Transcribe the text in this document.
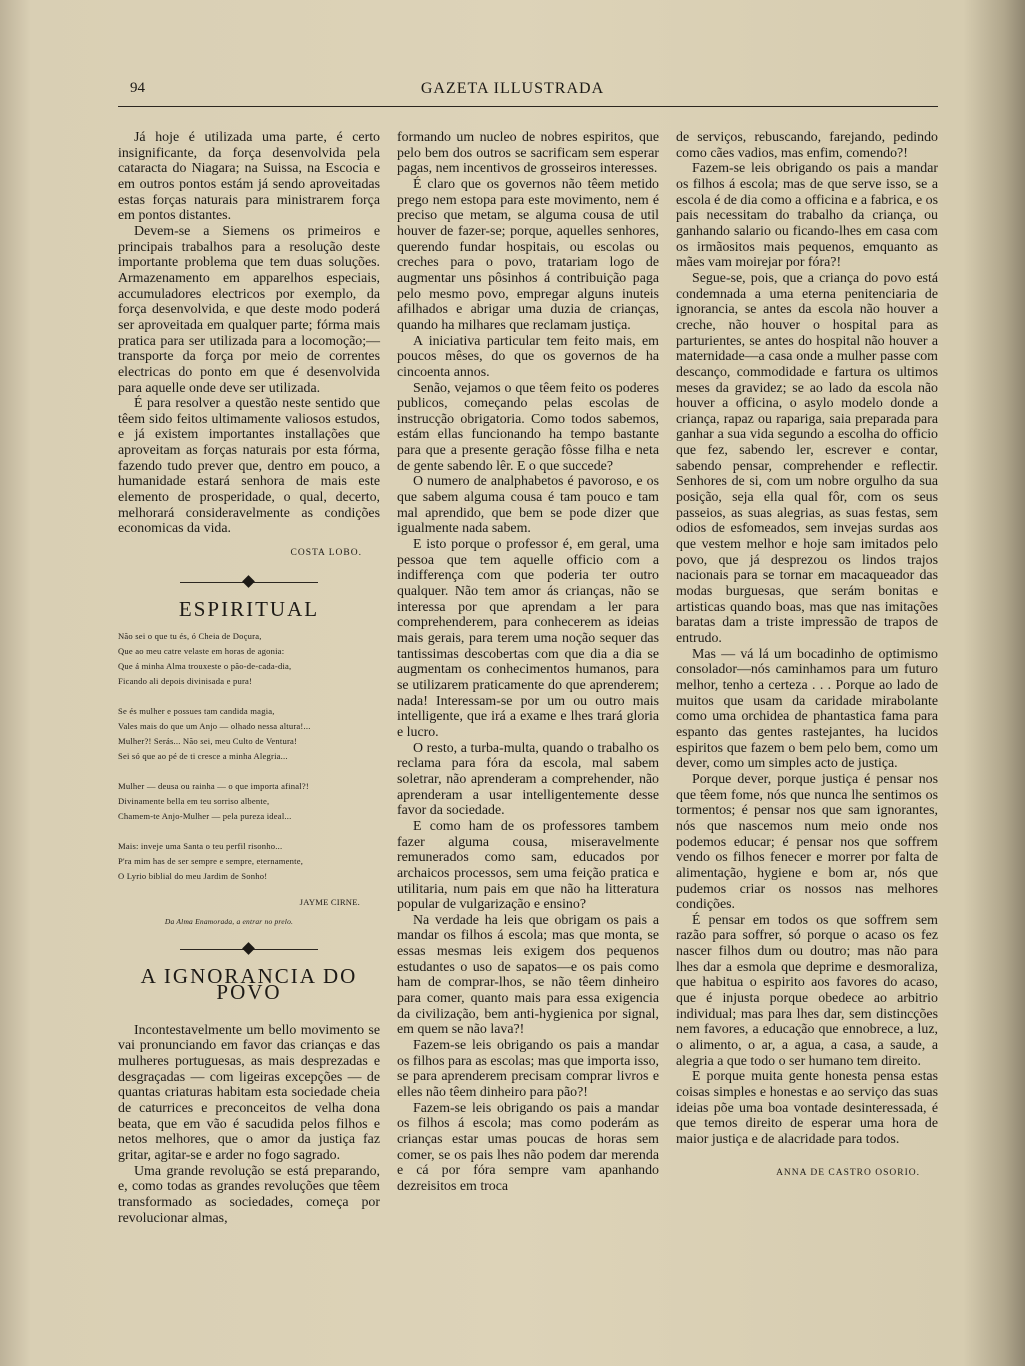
94	GAZETA ILLUSTRADA

Já hoje é utilizada uma parte, é certo insignificante, da força desenvolvida pela cataracta do Niagara; na Suissa, na Escocia e em outros pontos estám já sendo aproveitadas estas forças naturais para ministrarem força em pontos distantes.

Devem-se a Siemens os primeiros e principais trabalhos para a resolução deste importante problema que tem duas soluções. Armazenamento em apparelhos especiais, accumuladores electricos por exemplo, da força desenvolvida, e que deste modo poderá ser aproveitada em qualquer parte; fórma mais pratica para ser utilizada para a locomoção;—transporte da força por meio de correntes electricas do ponto em que é desenvolvida para aquelle onde deve ser utilizada.

É para resolver a questão neste sentido que têem sido feitos ultimamente valiosos estudos, e já existem importantes installações que aproveitam as forças naturais por esta fórma, fazendo tudo prever que, dentro em pouco, a humanidade estará senhora de mais este elemento de prosperidade, o qual, decerto, melhorará consideravelmente as condições economicas da vida.

COSTA LOBO.
ESPIRITUAL
Não sei o que tu és, ó Cheia de Doçura,
Que ao meu catre velaste em horas de agonia:
Que á minha Alma trouxeste o pão-de-cada-dia,
Ficando ali depois divinisada e pura!
Se és mulher e possues tam candida magia,
Vales mais do que um Anjo — olhado nessa altura!...
Mulher?! Serás... Não sei, meu Culto de Ventura!
Sei só que ao pé de ti cresce a minha Alegria...
Mulher — deusa ou rainha — o que importa afinal?!
Divinamente bella em teu sorriso albente,
Chamem-te Anjo-Mulher — pela pureza ideal...
Mais: inveje uma Santa o teu perfil risonho...
P'ra mim has de ser sempre e sempre, eternamente,
O Lyrio biblial do meu Jardim de Sonho!
JAYME CIRNE.
Da Alma Enamorada, a entrar no prelo.
A IGNORANCIA DO POVO

Incontestavelmente um bello movimento se vai pronunciando em favor das crianças e das mulheres portuguesas, as mais desprezadas e desgraçadas — com ligeiras excepções — de quantas criaturas habitam esta sociedade cheia de caturrices e preconceitos de velha dona beata, que em vão é sacudida pelos filhos e netos melhores, que o amor da justiça faz gritar, agitar-se e arder no fogo sagrado.

Uma grande revolução se está preparando, e, como todas as grandes revoluções que têem transformado as sociedades, começa por revolucionar almas,

formando um nucleo de nobres espiritos, que pelo bem dos outros se sacrificam sem esperar pagas, nem incentivos de grosseiros interesses.

É claro que os governos não têem metido prego nem estopa para este movimento, nem é preciso que metam, se alguma cousa de util houver de fazer-se; porque, aquelles senhores, querendo fundar hospitais, ou escolas ou creches para o povo, tratariam logo de augmentar uns pôsinhos á contribuição paga pelo mesmo povo, empregar alguns inuteis afilhados e abrigar uma duzia de crianças, quando ha milhares que reclamam justiça.

A iniciativa particular tem feito mais, em poucos mêses, do que os governos de ha cincoenta annos.

Senão, vejamos o que têem feito os poderes publicos, começando pelas escolas de instrucção obrigatoria. Como todos sabemos, estám ellas funcionando ha tempo bastante para que a presente geração fôsse filha e neta de gente sabendo lêr. E o que succede?

O numero de analphabetos é pavoroso, e os que sabem alguma cousa é tam pouco e tam mal aprendido, que bem se pode dizer que igualmente nada sabem.

E isto porque o professor é, em geral, uma pessoa que tem aquelle officio com a indifferença com que poderia ter outro qualquer. Não tem amor ás crianças, não se interessa por que aprendam a ler para comprehenderem, para conhecerem as ideias mais gerais, para terem uma noção sequer das tantissimas descobertas com que dia a dia se augmentam os conhecimentos humanos, para se utilizarem praticamente do que aprenderem; nada! Interessam-se por um ou outro mais intelligente, que irá a exame e lhes trará gloria e lucro.

O resto, a turba-multa, quando o trabalho os reclama para fóra da escola, mal sabem soletrar, não aprenderam a comprehender, não aprenderam a usar intelligentemente desse favor da sociedade.

E como ham de os professores tambem fazer alguma cousa, miseravelmente remunerados como sam, educados por archaicos processos, sem uma feição pratica e utilitaria, num pais em que não ha litteratura popular de vulgarização e ensino?

Na verdade ha leis que obrigam os pais a mandar os filhos á escola; mas que monta, se essas mesmas leis exigem dos pequenos estudantes o uso de sapatos—e os pais como ham de comprar-lhos, se não têem dinheiro para comer, quanto mais para essa exigencia da civilização, bem anti-hygienica por signal, em quem se não lava?!

Fazem-se leis obrigando os pais a mandar os filhos para as escolas; mas que importa isso, se para aprenderem precisam comprar livros e elles não têem dinheiro para pão?!

Fazem-se leis obrigando os pais a mandar os filhos á escola; mas como poderám as crianças estar umas poucas de horas sem comer, se os pais lhes não podem dar merenda e cá por fóra sempre vam apanhando dezreisitos em troca

de serviços, rebuscando, farejando, pedindo como cães vadios, mas enfim, comendo?!

Fazem-se leis obrigando os pais a mandar os filhos á escola; mas de que serve isso, se a escola é de dia como a officina e a fabrica, e os pais necessitam do trabalho da criança, ou ganhando salario ou ficando-lhes em casa com os irmãositos mais pequenos, emquanto as mães vam moirejar por fóra?!

Segue-se, pois, que a criança do povo está condemnada a uma eterna penitenciaria de ignorancia, se antes da escola não houver a creche, não houver o hospital para as parturientes, se antes do hospital não houver a maternidade—a casa onde a mulher passe com descanço, commodidade e fartura os ultimos meses da gravidez; se ao lado da escola não houver a officina, o asylo modelo donde a criança, rapaz ou rapariga, saia preparada para ganhar a sua vida segundo a escolha do officio que fez, sabendo ler, escrever e contar, sabendo pensar, comprehender e reflectir. Senhores de si, com um nobre orgulho da sua posição, seja ella qual fôr, com os seus passeios, as suas alegrias, as suas festas, sem odios de esfomeados, sem invejas surdas aos que vestem melhor e hoje sam imitados pelo povo, que já desprezou os lindos trajos nacionais para se tornar em macaqueador das modas burguesas, que serám bonitas e artisticas quando boas, mas que nas imitações baratas dam a triste impressão de trapos de entrudo.

Mas — vá lá um bocadinho de optimismo consolador—nós caminhamos para um futuro melhor, tenho a certeza . . . Porque ao lado de muitos que usam da caridade mirabolante como uma orchidea de phantastica fama para espanto das gentes rastejantes, ha lucidos espiritos que fazem o bem pelo bem, como um dever, como um simples acto de justiça.

Porque dever, porque justiça é pensar nos que têem fome, nós que nunca lhe sentimos os tormentos; é pensar nos que sam ignorantes, nós que nascemos num meio onde nos podemos educar; é pensar nos que soffrem vendo os filhos fenecer e morrer por falta de alimentação, hygiene e bom ar, nós que pudemos criar os nossos nas melhores condições.

É pensar em todos os que soffrem sem razão para soffrer, só porque o acaso os fez nascer filhos dum ou doutro; mas não para lhes dar a esmola que deprime e desmoraliza, que habitua o espirito aos favores do acaso, que é injusta porque obedece ao arbitrio individual; mas para lhes dar, sem distincções nem favores, a educação que ennobrece, a luz, o alimento, o ar, a agua, a casa, a saude, a alegria a que todo o ser humano tem direito.

E porque muita gente honesta pensa estas coisas simples e honestas e ao serviço das suas ideias põe uma boa vontade desinteressada, é que temos direito de esperar uma hora de maior justiça e de alacridade para todos.

ANNA DE CASTRO OSORIO.
